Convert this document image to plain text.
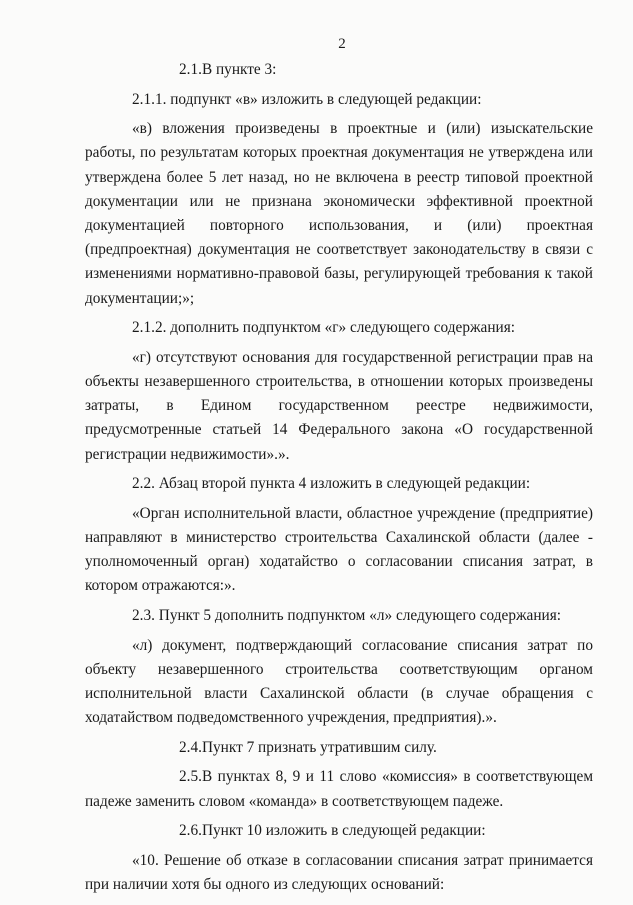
2

2.1.В пункте 3:

2.1.1. подпункт «в» изложить в следующей редакции:

«в) вложения произведены в проектные и (или) изыскательские работы, по результатам которых проектная документация не утверждена или утверждена более 5 лет назад, но не включена в реестр типовой проектной документации или не признана экономически эффективной проектной документацией повторного использования, и (или) проектная (предпроектная) документация не соответствует законодательству в связи с изменениями нормативно-правовой базы, регулирующей требования к такой документации;»;

2.1.2. дополнить подпунктом «г» следующего содержания:

«г) отсутствуют основания для государственной регистрации прав на объекты незавершенного строительства, в отношении которых произведены затраты, в Едином государственном реестре недвижимости, предусмотренные статьей 14 Федерального закона «О государственной регистрации недвижимости».».

2.2. Абзац второй пункта 4 изложить в следующей редакции:

«Орган исполнительной власти, областное учреждение (предприятие) направляют в министерство строительства Сахалинской области (далее - уполномоченный орган) ходатайство о согласовании списания затрат, в котором отражаются:».

2.3. Пункт 5 дополнить подпунктом «л» следующего содержания:

«л) документ, подтверждающий согласование списания затрат по объекту незавершенного строительства соответствующим органом исполнительной власти Сахалинской области (в случае обращения с ходатайством подведомственного учреждения, предприятия).».

2.4.Пункт 7 признать утратившим силу.

2.5.В пунктах 8, 9 и 11 слово «комиссия» в соответствующем падеже заменить словом «команда» в соответствующем падеже.

2.6.Пункт 10 изложить в следующей редакции:

«10. Решение об отказе в согласовании списания затрат принимается при наличии хотя бы одного из следующих оснований:
